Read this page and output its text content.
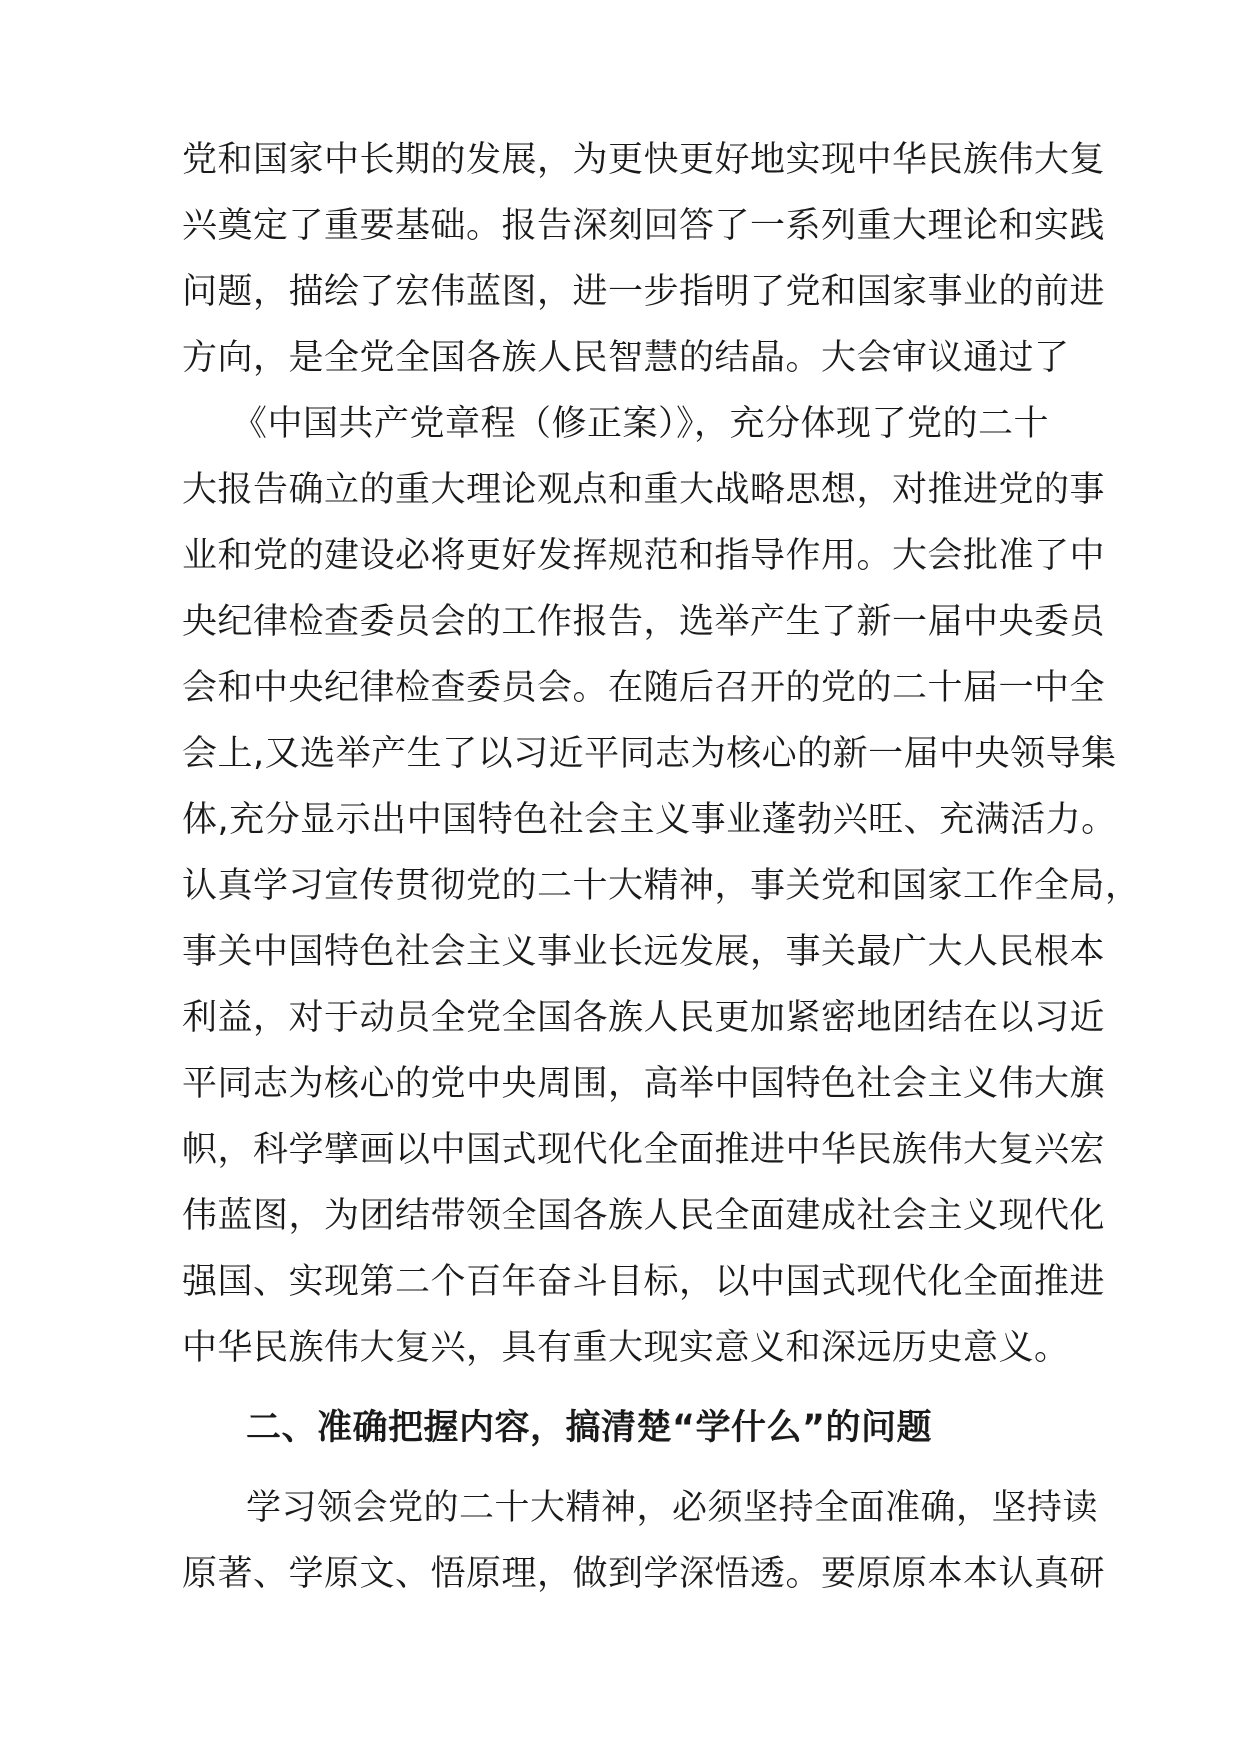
党和国家中长期的发展，为更快更好地实现中华民族伟大复
兴奠定了重要基础。报告深刻回答了一系列重大理论和实践
问题，描绘了宏伟蓝图，进一步指明了党和国家事业的前进
方向，是全党全国各族人民智慧的结晶。大会审议通过了
《中国共产党章程（修正案）》，充分体现了党的二十
大报告确立的重大理论观点和重大战略思想，对推进党的事
业和党的建设必将更好发挥规范和指导作用。大会批准了中
央纪律检查委员会的工作报告，选举产生了新一届中央委员
会和中央纪律检查委员会。在随后召开的党的二十届一中全
会上,又选举产生了以习近平同志为核心的新一届中央领导集
体,充分显示出中国特色社会主义事业蓬勃兴旺、充满活力。
认真学习宣传贯彻党的二十大精神，事关党和国家工作全局，
事关中国特色社会主义事业长远发展，事关最广大人民根本
利益，对于动员全党全国各族人民更加紧密地团结在以习近
平同志为核心的党中央周围，高举中国特色社会主义伟大旗
帜，科学擘画以中国式现代化全面推进中华民族伟大复兴宏
伟蓝图，为团结带领全国各族人民全面建成社会主义现代化
强国、实现第二个百年奋斗目标，以中国式现代化全面推进
中华民族伟大复兴，具有重大现实意义和深远历史意义。
二、准确把握内容，搞清楚“学什么”的问题
学习领会党的二十大精神，必须坚持全面准确，坚持读
原著、学原文、悟原理，做到学深悟透。要原原本本认真研
